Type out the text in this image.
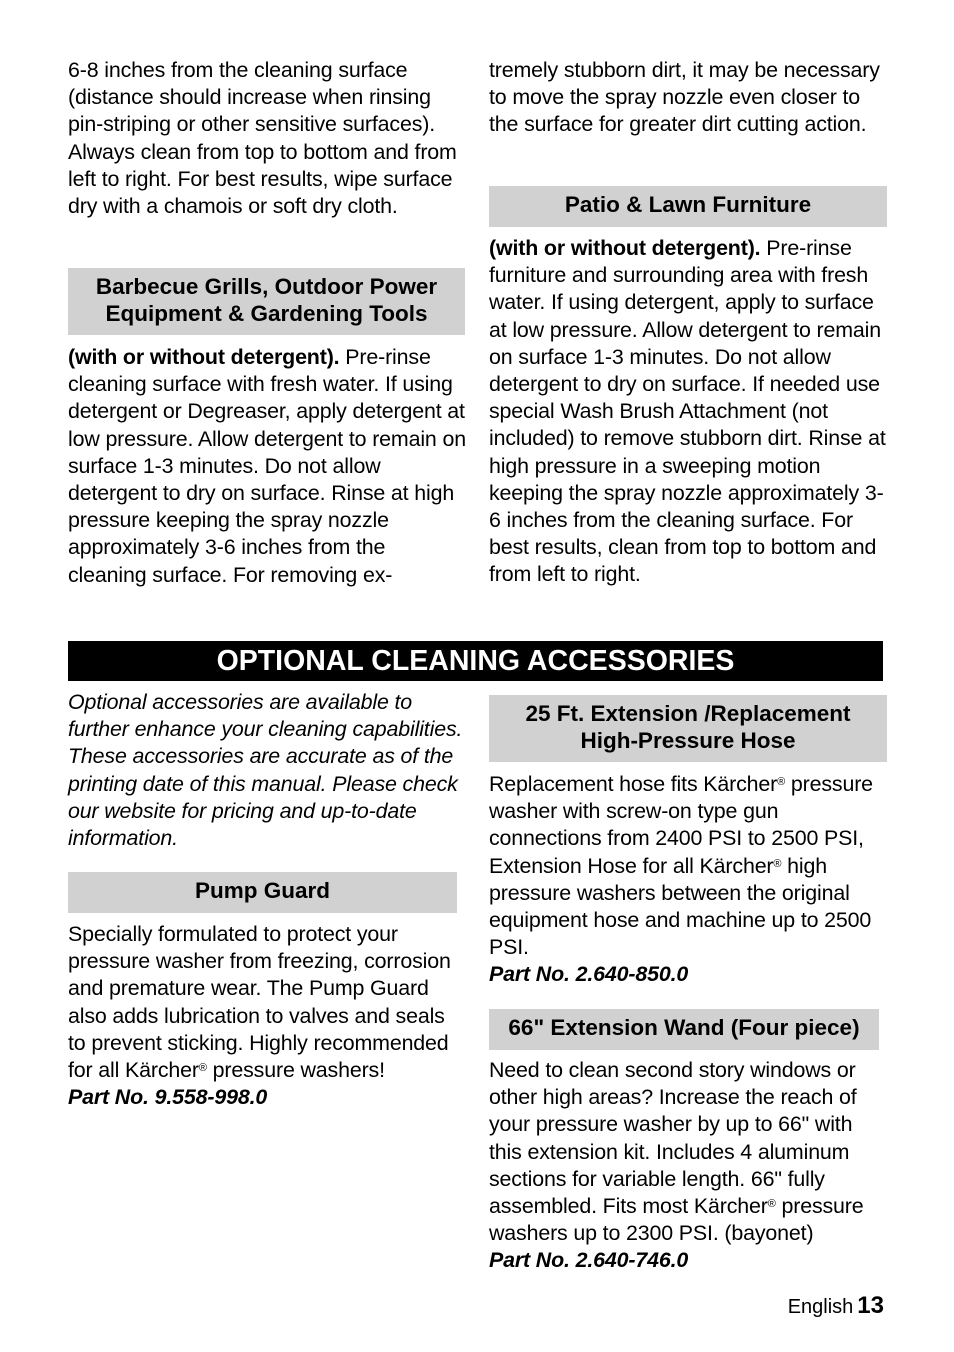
6-8 inches from the cleaning surface (distance should increase when rinsing pin-striping or other sensitive surfaces). Always clean from top to bottom and from left to right. For best results, wipe surface dry with a chamois or soft dry cloth.

Barbecue Grills, Outdoor Power
Equipment & Gardening Tools

(with or without detergent). Pre-rinse cleaning surface with fresh water. If using detergent or Degreaser, apply detergent at low pressure. Allow detergent to remain on surface 1-3 minutes. Do not allow detergent to dry on surface. Rinse at high pressure keeping the spray nozzle approximately 3-6 inches from the cleaning surface. For removing ex-

tremely stubborn dirt, it may be necessary to move the spray nozzle even closer to the surface for greater dirt cutting action.

Patio & Lawn Furniture

(with or without detergent). Pre-rinse furniture and surrounding area with fresh water. If using detergent, apply to surface at low pressure. Allow detergent to remain on surface 1-3 minutes. Do not allow detergent to dry on surface. If needed use special Wash Brush Attachment (not included) to remove stubborn dirt. Rinse at high pressure in a sweeping motion keeping the spray nozzle approximately 3-6 inches from the cleaning surface. For best results, clean from top to bottom and from left to right.

OPTIONAL CLEANING ACCESSORIES

Optional accessories are available to further enhance your cleaning capabilities. These accessories are accurate as of the printing date of this manual. Please check our website for pricing and up-to-date information.

Pump Guard

Specially formulated to protect your pressure washer from freezing, corrosion and premature wear. The Pump Guard also adds lubrication to valves and seals to prevent sticking. Highly recommended for all Kärcher® pressure washers!
Part No. 9.558-998.0

25 Ft. Extension /Replacement
High-Pressure Hose

Replacement hose fits Kärcher® pressure washer with screw-on type gun connections from 2400 PSI to 2500 PSI, Extension Hose for all Kärcher® high pressure washers between the original equipment hose and machine up to 2500 PSI.
Part No. 2.640-850.0

66" Extension Wand (Four piece)

Need to clean second story windows or other high areas? Increase the reach of your pressure washer by up to 66" with this extension kit. Includes 4 aluminum sections for variable length. 66" fully assembled. Fits most Kärcher® pressure washers up to 2300 PSI. (bayonet)
Part No. 2.640-746.0

English 13
